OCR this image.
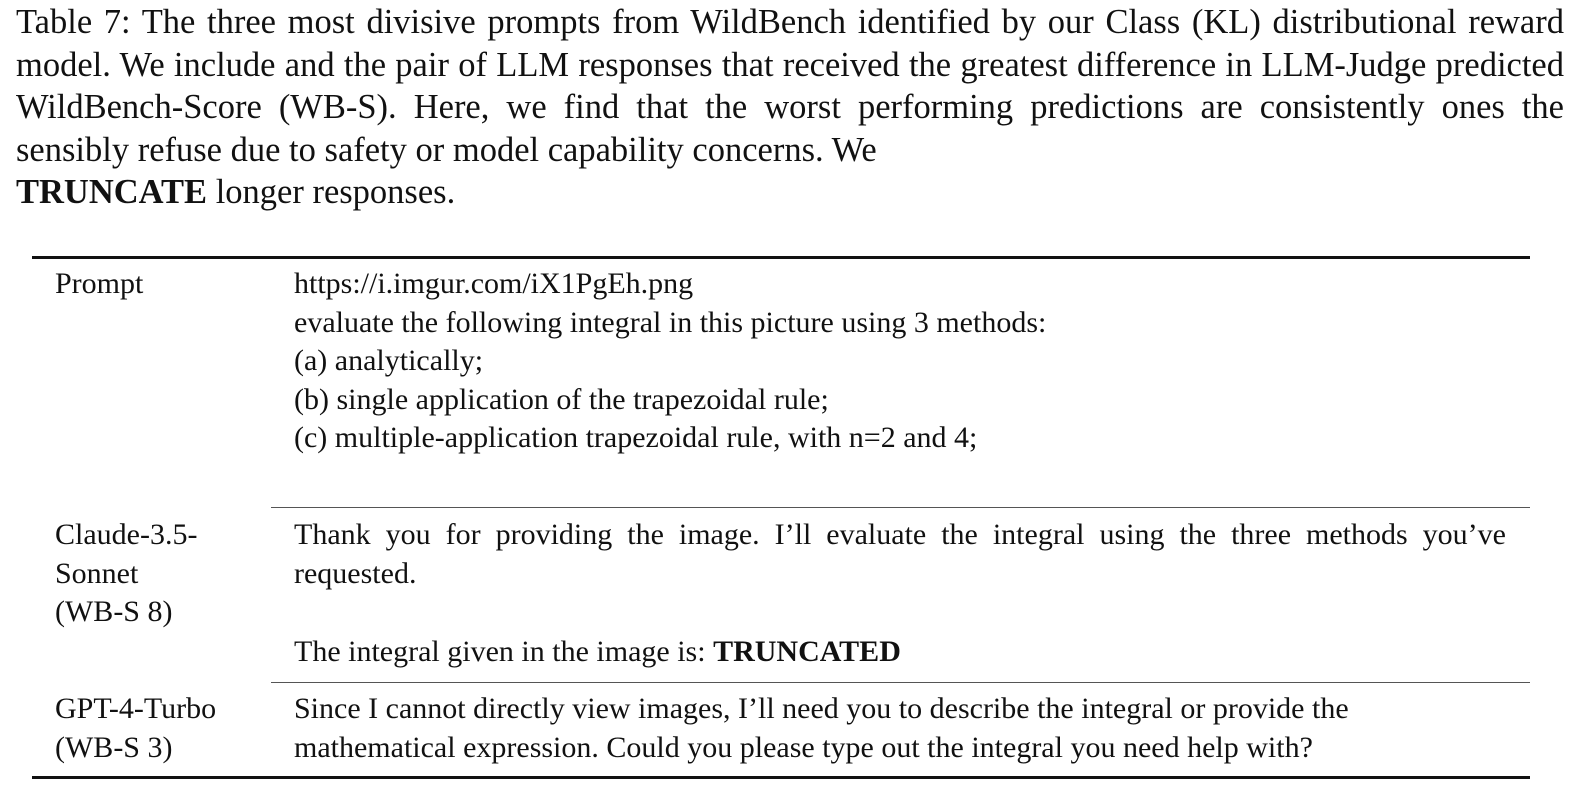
Table 7: The three most divisive prompts from WildBench identified by our Class (KL) distributional reward model. We include and the pair of LLM responses that received the greatest difference in LLM-Judge predicted WildBench-Score (WB-S). Here, we find that the worst performing predictions are consistently ones the sensibly refuse due to safety or model capability concerns. We
TRUNCATE longer responses.
Prompt	https://i.imgur.com/iX1PgEh.png
evaluate the following integral in this picture using 3 methods:
(a) analytically;
(b) single application of the trapezoidal rule;
(c) multiple-application trapezoidal rule, with n=2 and 4;
Claude-3.5-
Sonnet
(WB-S 8)
Thank you for providing the image. I’ll evaluate the integral using the three methods you’ve requested.
The integral given in the image is: TRUNCATED
GPT-4-Turbo
(WB-S 3)
Since I cannot directly view images, I’ll need you to describe the integral or provide the
mathematical expression. Could you please type out the integral you need help with?
